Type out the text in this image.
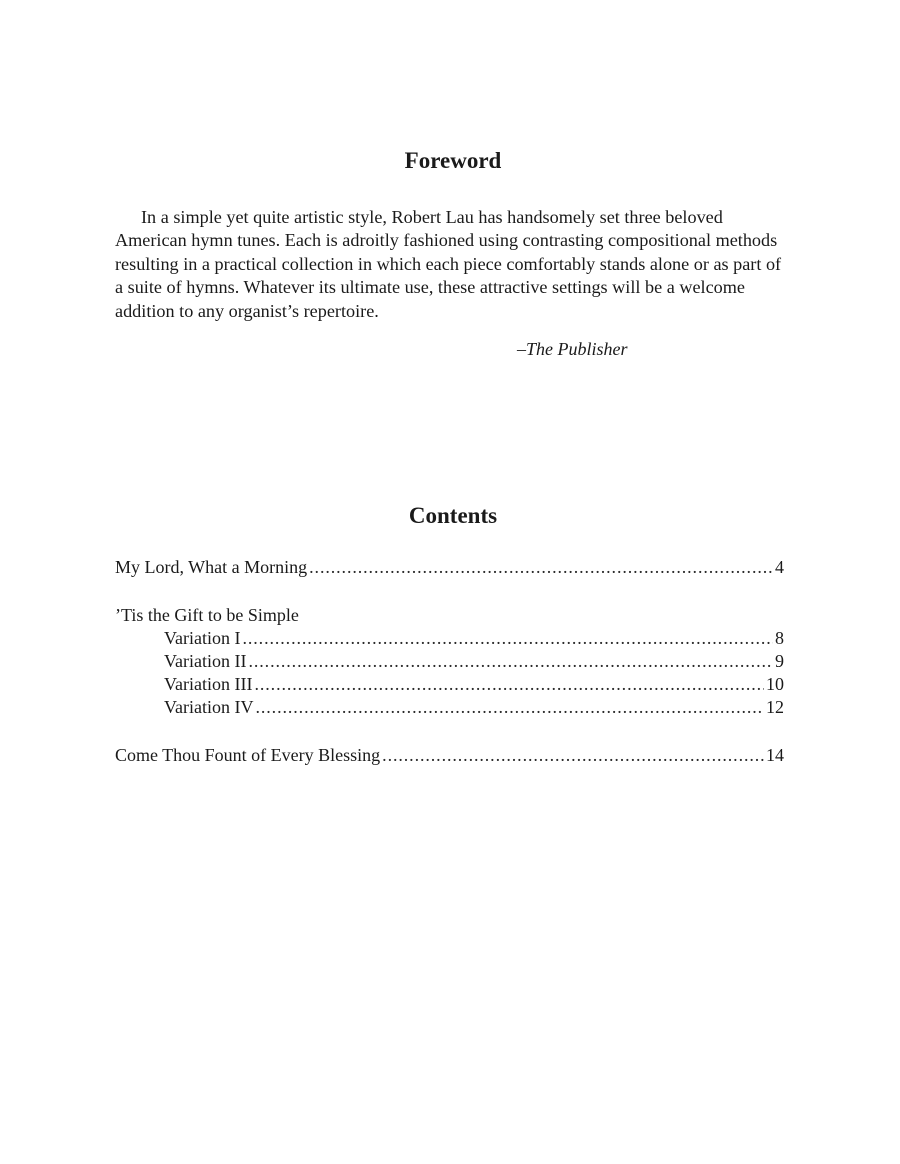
Foreword

In a simple yet quite artistic style, Robert Lau has handsomely set three beloved American hymn tunes. Each is adroitly fashioned using contrasting compositional methods resulting in a practical collection in which each piece comfortably stands alone or as part of a suite of hymns. Whatever its ultimate use, these attractive settings will be a welcome addition to any organist’s repertoire.

–The Publisher

Contents
My Lord, What a Morning . . .	4
’Tis the Gift to be Simple
Variation I . . .	8
Variation II . . .	9
Variation III . . .	10
Variation IV . . .	12
Come Thou Fount of Every Blessing . . .	14
